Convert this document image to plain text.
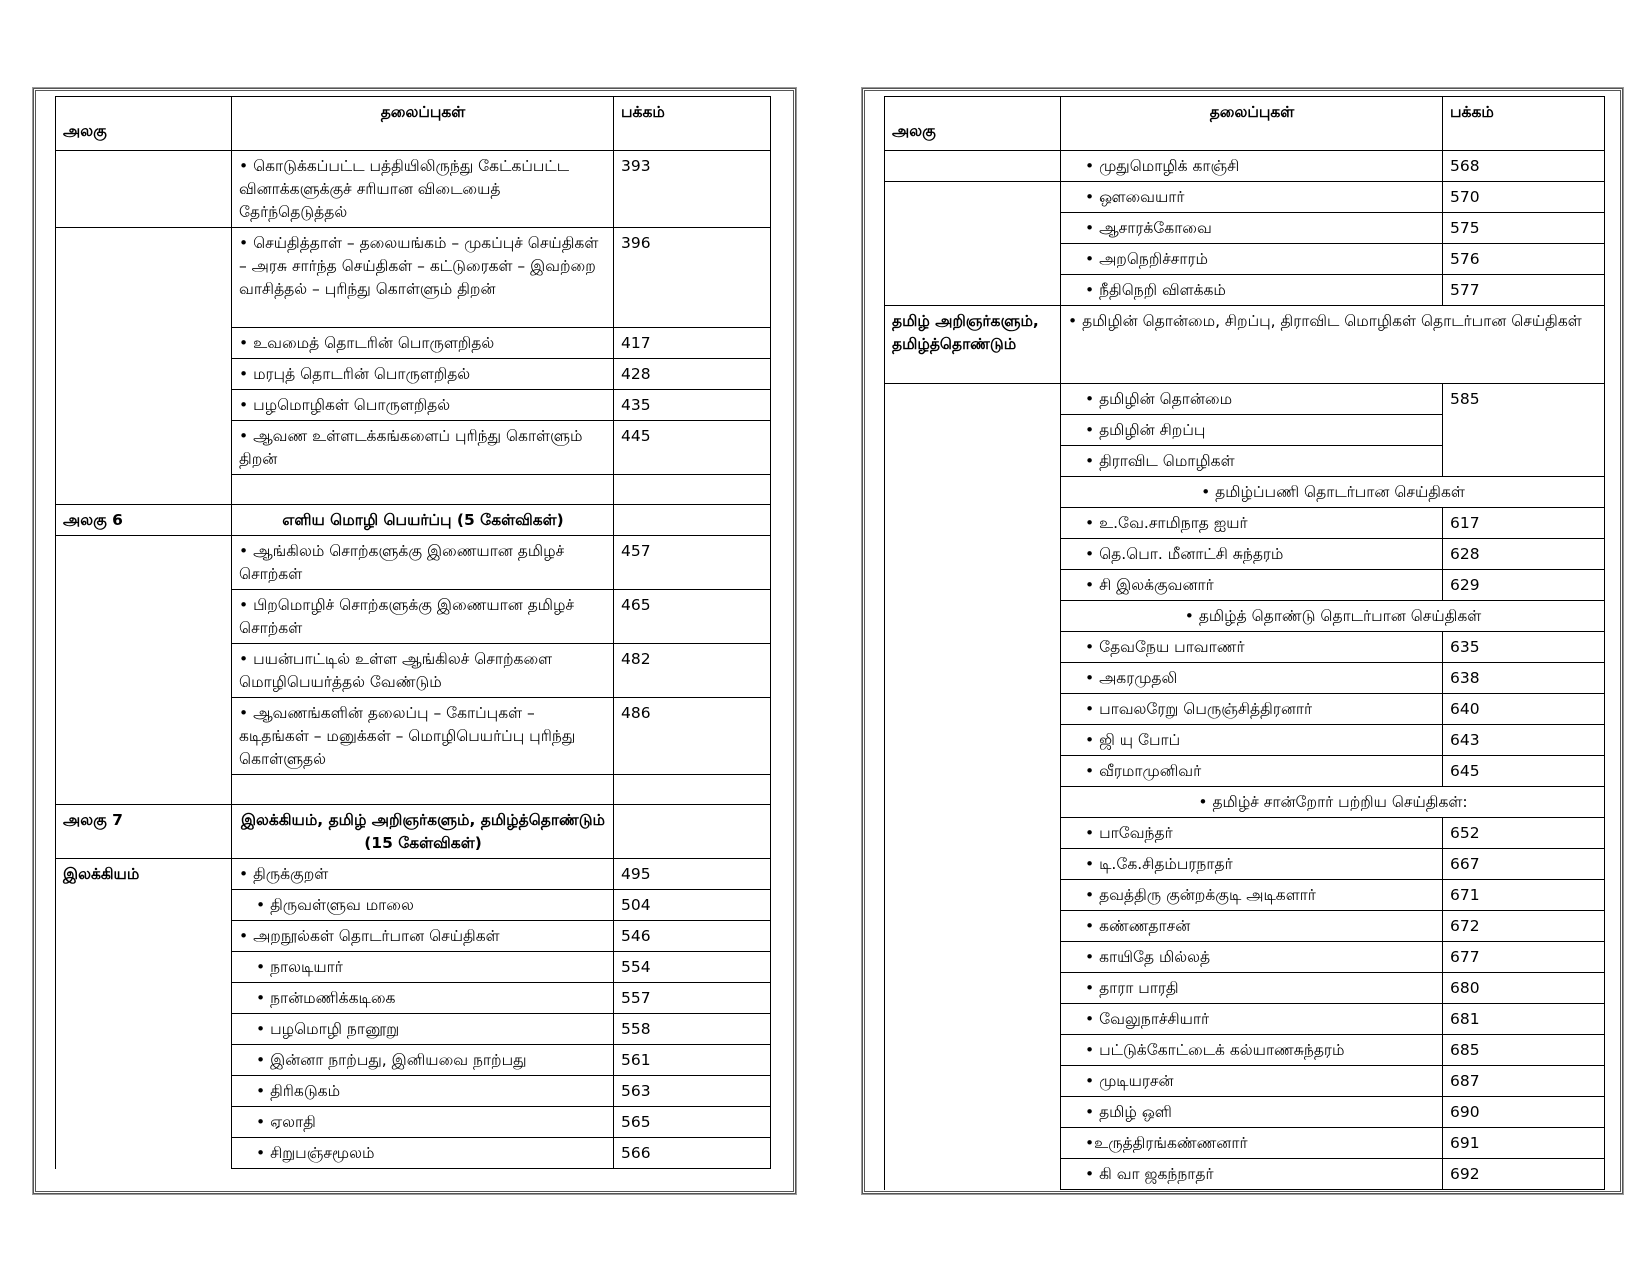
அலகு	தலைப்புகள்	பக்கம்
	• கொடுக்கப்பட்ட பத்தியிலிருந்து கேட்கப்பட்ட வினாக்களுக்குச் சரியான விடையைத் தேர்ந்தெடுத்தல்	393
	• செய்தித்தாள் – தலையங்கம் – முகப்புச் செய்திகள் – அரசு சார்ந்த செய்திகள் – கட்டுரைகள் – இவற்றை வாசித்தல் – புரிந்து கொள்ளும் திறன்	396
	• உவமைத் தொடரின் பொருளறிதல்	417
	• மரபுத் தொடரின் பொருளறிதல்	428
	• பழமொழிகள் பொருளறிதல்	435
	• ஆவண உள்ளடக்கங்களைப் புரிந்து கொள்ளும் திறன்	445

அலகு 6	எளிய மொழி பெயர்ப்பு (5 கேள்விகள்)	
	• ஆங்கிலம் சொற்களுக்கு இணையான தமிழச் சொற்கள்	457
	• பிறமொழிச் சொற்களுக்கு இணையான தமிழச் சொற்கள்	465
	• பயன்பாட்டில் உள்ள ஆங்கிலச் சொற்களை மொழிபெயர்த்தல் வேண்டும்	482
	• ஆவணங்களின் தலைப்பு – கோப்புகள் – கடிதங்கள் – மனுக்கள் – மொழிபெயர்ப்பு புரிந்து கொள்ளுதல்	486

அலகு 7	இலக்கியம், தமிழ் அறிஞர்களும், தமிழ்த்தொண்டும் (15 கேள்விகள்)	
இலக்கியம்	• திருக்குறள்	495
	• திருவள்ளுவ மாலை	504
	• அறநூல்கள் தொடர்பான செய்திகள்	546
	• நாலடியார்	554
	• நான்மணிக்கடிகை	557
	• பழமொழி நானூறு	558
	• இன்னா நாற்பது, இனியவை நாற்பது	561
	• திரிகடுகம்	563
	• ஏலாதி	565
	• சிறுபஞ்சமூலம்	566
அலகு	தலைப்புகள்	பக்கம்
	• முதுமொழிக் காஞ்சி	568
	• ஔவையார்	570
	• ஆசாரக்கோவை	575
	• அறநெறிச்சாரம்	576
	• நீதிநெறி விளக்கம்	577
தமிழ் அறிஞர்களும், தமிழ்த்தொண்டும்	• தமிழின் தொன்மை, சிறப்பு, திராவிட மொழிகள் தொடர்பான செய்திகள்	
	• தமிழின் தொன்மை	585
	• தமிழின் சிறப்பு	
	• திராவிட மொழிகள்	
	• தமிழ்ப்பணி தொடர்பான செய்திகள்	
	• உ.வே.சாமிநாத ஐயர்	617
	• தெ.பொ. மீனாட்சி சுந்தரம்	628
	• சி இலக்குவனார்	629
	• தமிழ்த் தொண்டு தொடர்பான செய்திகள்	
	• தேவநேய பாவாணர்	635
	• அகரமுதலி	638
	• பாவலரேறு பெருஞ்சித்திரனார்	640
	• ஜி யு போப்	643
	• வீரமாமுனிவர்	645
	• தமிழ்ச் சான்றோர் பற்றிய செய்திகள்:	
	• பாவேந்தர்	652
	• டி.கே.சிதம்பரநாதர்	667
	• தவத்திரு குன்றக்குடி அடிகளார்	671
	• கண்ணதாசன்	672
	• காயிதே மில்லத்	677
	• தாரா பாரதி	680
	• வேலுநாச்சியார்	681
	• பட்டுக்கோட்டைக் கல்யாணசுந்தரம்	685
	• முடியரசன்	687
	• தமிழ் ஒளி	690
	•உருத்திரங்கண்ணனார்	691
	• கி வா ஜகந்நாதர்	692
